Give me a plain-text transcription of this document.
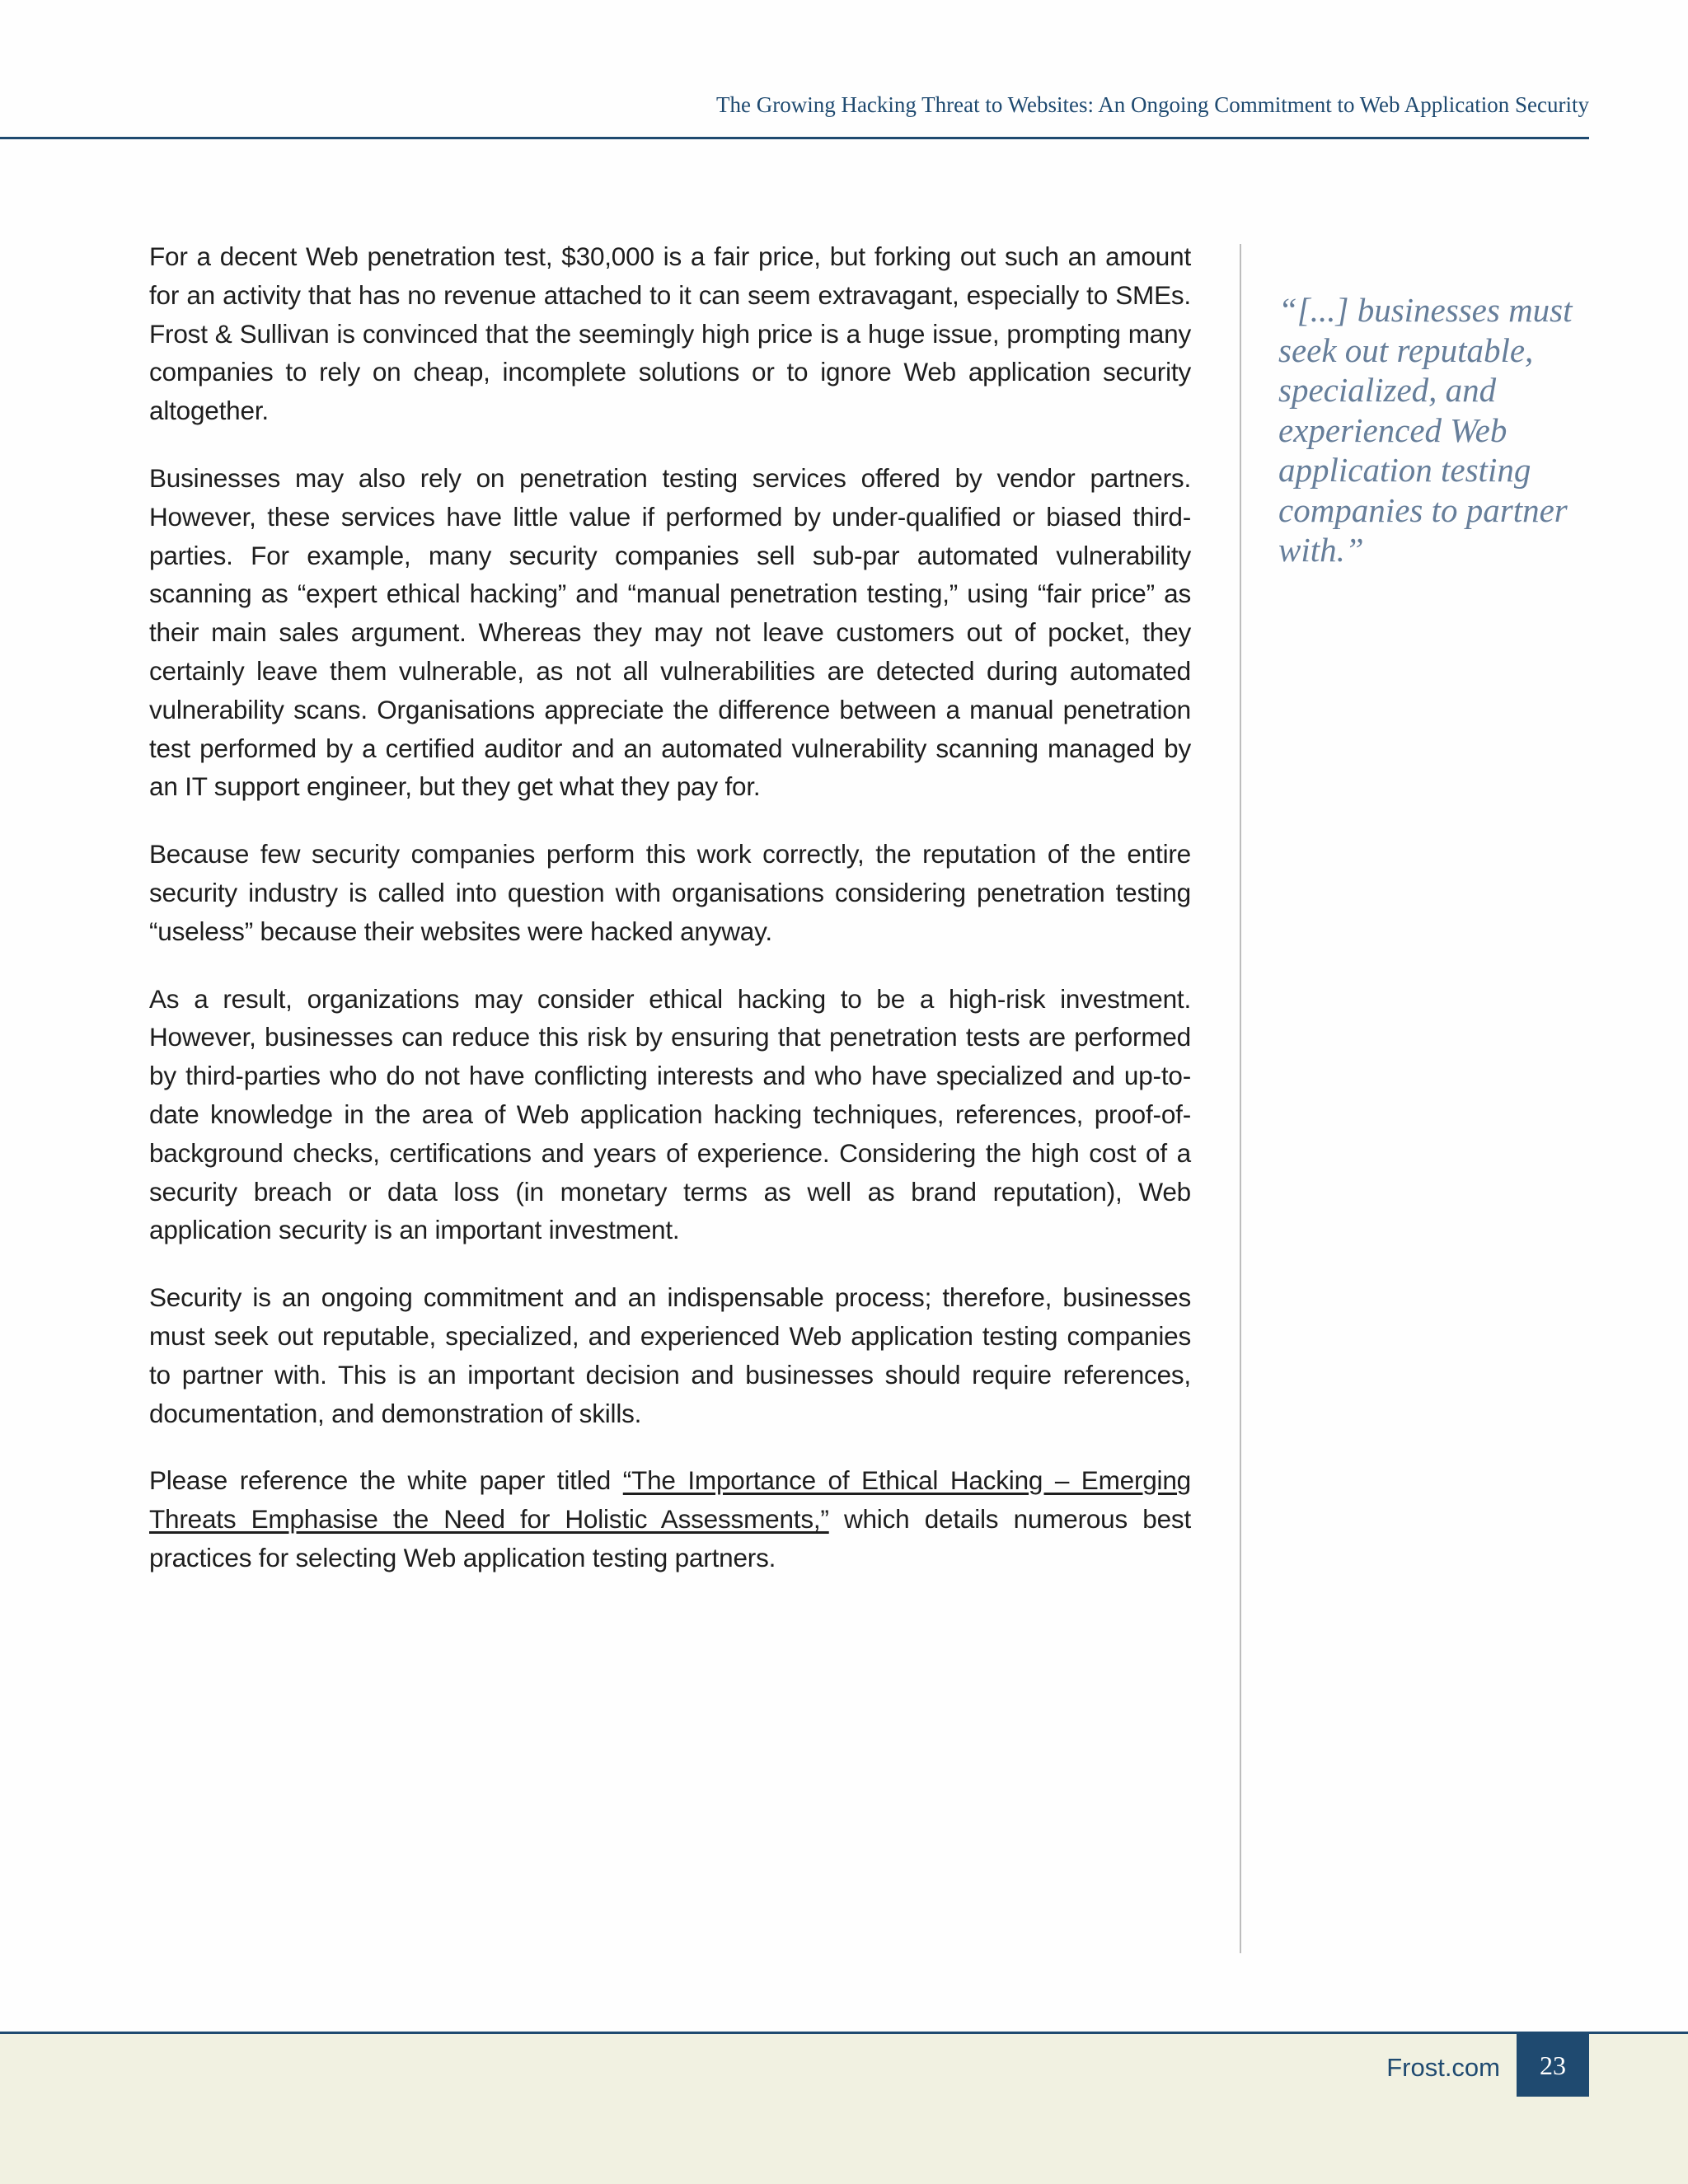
The Growing Hacking Threat to Websites: An Ongoing Commitment to Web Application Security

For a decent Web penetration test, $30,000 is a fair price, but forking out such an amount for an activity that has no revenue attached to it can seem extravagant, especially to SMEs. Frost & Sullivan is convinced that the seemingly high price is a huge issue, prompting many companies to rely on cheap, incomplete solutions or to ignore Web application security altogether.

Businesses may also rely on penetration testing services offered by vendor partners. However, these services have little value if performed by under-qualified or biased third-parties. For example, many security companies sell sub-par automated vulnerability scanning as “expert ethical hacking” and “manual penetration testing,” using “fair price” as their main sales argument. Whereas they may not leave customers out of pocket, they certainly leave them vulnerable, as not all vulnerabilities are detected during automated vulnerability scans. Organisations appreciate the difference between a manual penetration test performed by a certified auditor and an automated vulnerability scanning managed by an IT support engineer, but they get what they pay for.

Because few security companies perform this work correctly, the reputation of the entire security industry is called into question with organisations considering penetration testing “useless” because their websites were hacked anyway.

As a result, organizations may consider ethical hacking to be a high-risk investment. However, businesses can reduce this risk by ensuring that penetration tests are performed by third-parties who do not have conflicting interests and who have specialized and up-to-date knowledge in the area of Web application hacking techniques, references, proof-of-background checks, certifications and years of experience. Considering the high cost of a security breach or data loss (in monetary terms as well as brand reputation), Web application security is an important investment.

Security is an ongoing commitment and an indispensable process; therefore, businesses must seek out reputable, specialized, and experienced Web application testing companies to partner with. This is an important decision and businesses should require references, documentation, and demonstration of skills.

Please reference the white paper titled “The Importance of Ethical Hacking – Emerging Threats Emphasise the Need for Holistic Assessments,” which details numerous best practices for selecting Web application testing partners.

“[...] businesses must seek out reputable, specialized, and experienced Web application testing companies to partner with.”

Frost.com 23
